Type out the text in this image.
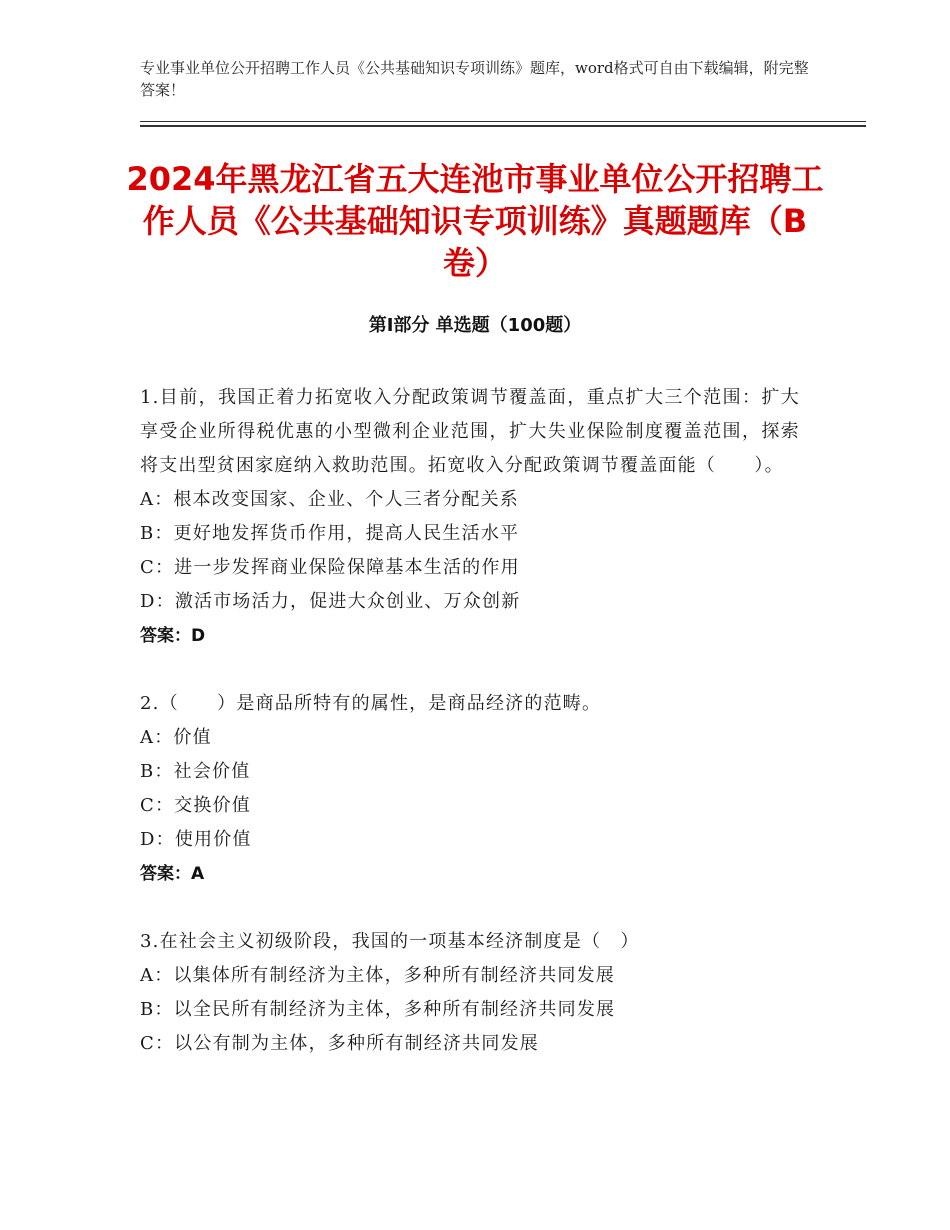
专业事业单位公开招聘工作人员《公共基础知识专项训练》题库，word格式可自由下载编辑，附完整答案！
2024年黑龙江省五大连池市事业单位公开招聘工作人员《公共基础知识专项训练》真题题库（B卷）
第Ⅰ部分 单选题（100题）

1.目前，我国正着力拓宽收入分配政策调节覆盖面，重点扩大三个范围：扩大享受企业所得税优惠的小型微利企业范围，扩大失业保险制度覆盖范围，探索将支出型贫困家庭纳入救助范围。拓宽收入分配政策调节覆盖面能（　　）。

A：根本改变国家、企业、个人三者分配关系

B：更好地发挥货币作用，提高人民生活水平

C：进一步发挥商业保险保障基本生活的作用

D：激活市场活力，促进大众创业、万众创新

答案：D

2.（　　）是商品所特有的属性，是商品经济的范畴。

A：价值

B：社会价值

C：交换价值

D：使用价值

答案：A

3.在社会主义初级阶段，我国的一项基本经济制度是（　）

A：以集体所有制经济为主体，多种所有制经济共同发展

B：以全民所有制经济为主体，多种所有制经济共同发展

C：以公有制为主体，多种所有制经济共同发展
